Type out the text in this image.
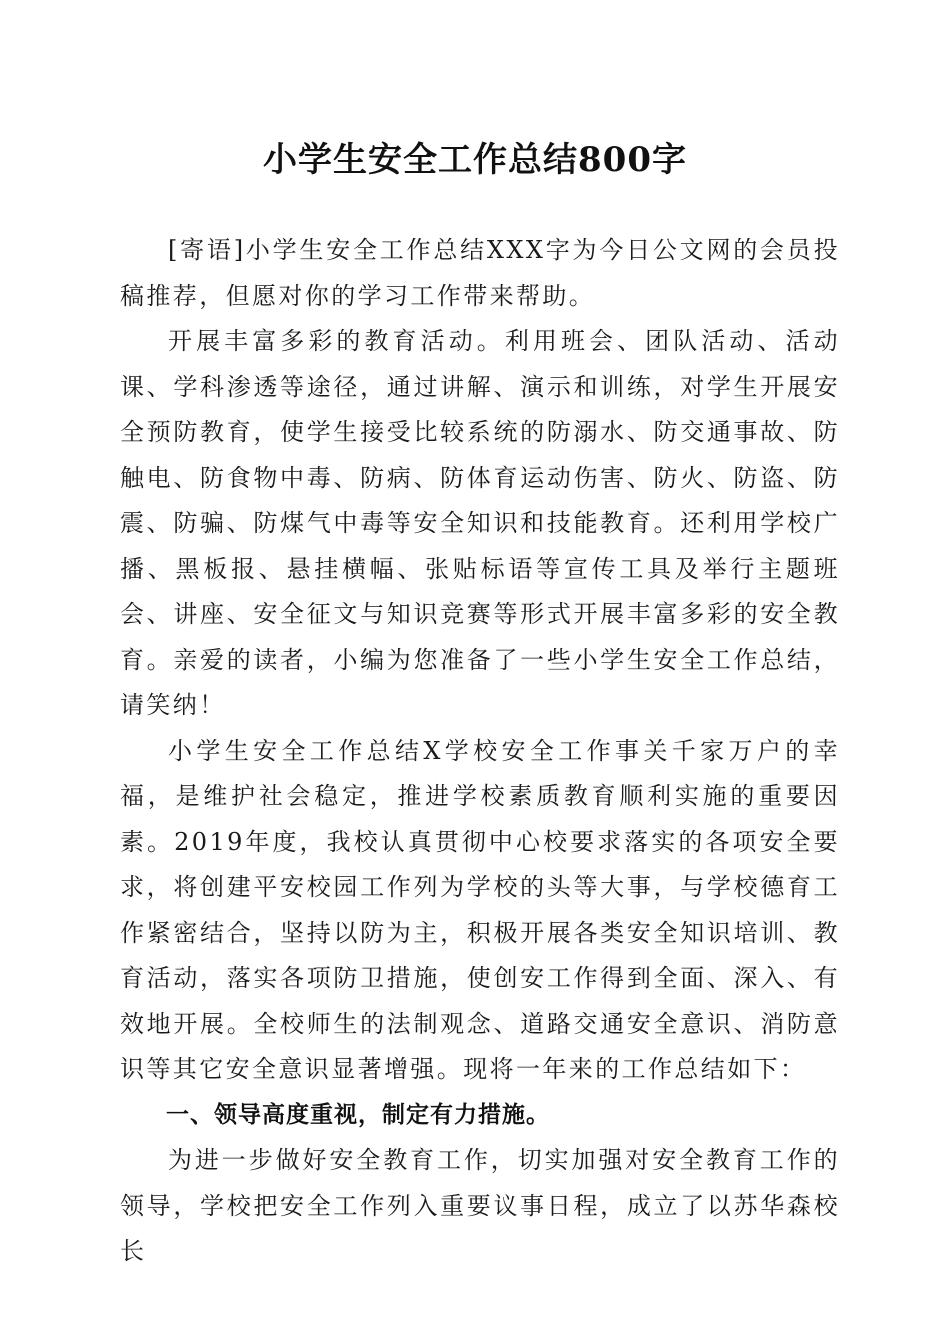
小学生安全工作总结800字

[寄语]小学生安全工作总结XXX字为今日公文网的会员投稿推荐，但愿对你的学习工作带来帮助。

开展丰富多彩的教育活动。利用班会、团队活动、活动课、学科渗透等途径，通过讲解、演示和训练，对学生开展安全预防教育，使学生接受比较系统的防溺水、防交通事故、防触电、防食物中毒、防病、防体育运动伤害、防火、防盗、防震、防骗、防煤气中毒等安全知识和技能教育。还利用学校广播、黑板报、悬挂横幅、张贴标语等宣传工具及举行主题班会、讲座、安全征文与知识竞赛等形式开展丰富多彩的安全教育。亲爱的读者，小编为您准备了一些小学生安全工作总结，请笑纳！

小学生安全工作总结X学校安全工作事关千家万户的幸福，是维护社会稳定，推进学校素质教育顺利实施的重要因素。2019年度，我校认真贯彻中心校要求落实的各项安全要求，将创建平安校园工作列为学校的头等大事，与学校德育工作紧密结合，坚持以防为主，积极开展各类安全知识培训、教育活动，落实各项防卫措施，使创安工作得到全面、深入、有效地开展。全校师生的法制观念、道路交通安全意识、消防意识等其它安全意识显著增强。现将一年来的工作总结如下：

一、领导高度重视，制定有力措施。

为进一步做好安全教育工作，切实加强对安全教育工作的领导，学校把安全工作列入重要议事日程，成立了以苏华森校长
